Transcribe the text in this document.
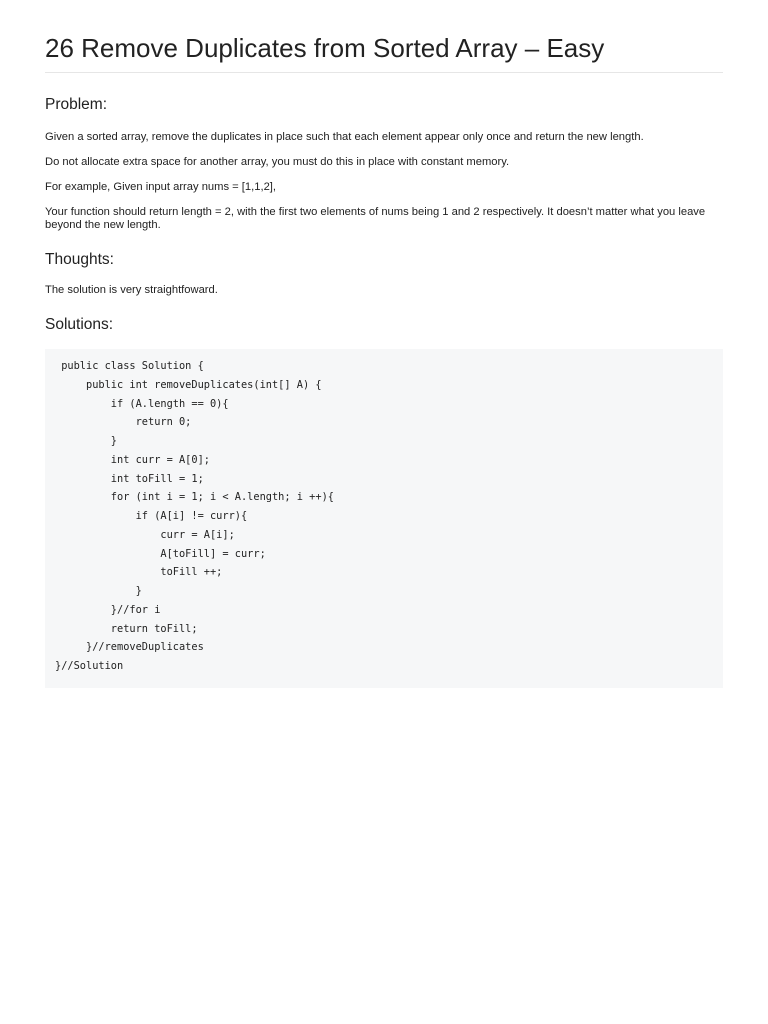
26 Remove Duplicates from Sorted Array – Easy
Problem:

Given a sorted array, remove the duplicates in place such that each element appear only once and return the new length.

Do not allocate extra space for another array, you must do this in place with constant memory.

For example, Given input array nums = [1,1,2],

Your function should return length = 2, with the first two elements of nums being 1 and 2 respectively. It doesn’t matter what you leave beyond the new length.

Thoughts:

The solution is very straightfoward.

Solutions:
public class Solution {
public int removeDuplicates(int[] A) {
if (A.length == 0){
return 0;
}
int curr = A[0];
int toFill = 1;
for (int i = 1; i < A.length; i ++){
if (A[i] != curr){
curr = A[i];
A[toFill] = curr;
toFill ++;
}
}//for i
return toFill;
}//removeDuplicates
}//Solution
